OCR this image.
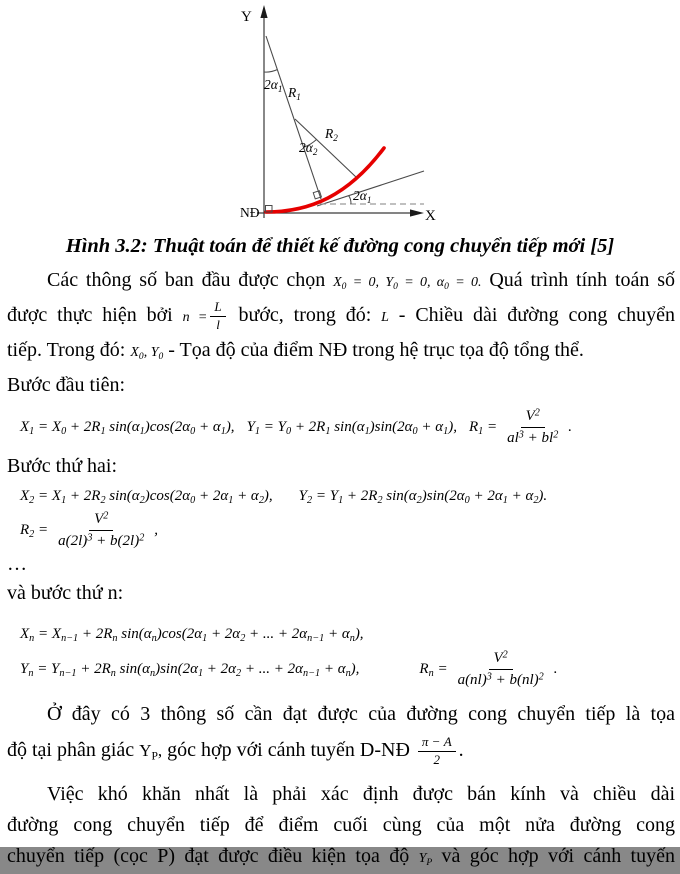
Y
X
NĐ
$2\alpha_1$ $R_1$
$R_2$
$2\alpha_2$
$2\alpha_1$
Hình 3.2: Thuật toán để thiết kế đường cong chuyển tiếp mới [5]
Các thông số ban đầu được chọn $X_0 = 0$, $Y_0 = 0$, $\alpha_0 = 0$. Quá trình tính toán số
được thực hiện bởi $n = \frac{L}{l}$ bước, trong đó: L - Chiều dài đường cong chuyển
tiếp. Trong đó: $X_0$, $Y_0$ - Tọa độ của điểm NĐ trong hệ trục tọa độ tổng thể.
Bước đầu tiên:
$X_1 = X_0 + 2R_1$ $\sin(\alpha_1)\cos(2\alpha_0 + \alpha_1)$, $Y_1 = Y_0 + 2R_1$ $\sin(\alpha_1)\sin(2\alpha_0 + \alpha_1)$, $R_1 = \frac{V^2}{al^3 + bl^2}$ .
Bước thứ hai:
$X_2 = X_1 + 2R_2$ $\sin(\alpha_2)\cos(2\alpha_0 + 2\alpha_1 + \alpha_2)$, $Y_2 = Y_1 + 2R_2$ $\sin(\alpha_2)\sin(2\alpha_0 + 2\alpha_1 + \alpha_2)$.
$R_2 = \frac{V^2}{a(2l)^3 + b(2l)^2}$ ,
…
và bước thứ n:
$X_n = X_{n-1} + 2R_n$ $\sin(\alpha_n)\cos(2\alpha_1 + 2\alpha_2$ + ... + $2\alpha_{n-1} + \alpha_n$),
$Y_n = Y_{n-1} + 2R_n$ $\sin(\alpha_n)\sin(2\alpha_1 + 2\alpha_2$ + ... + $2\alpha_{n-1} + \alpha_n$),	$R_n = \frac{V^2}{a(nl)^3 + b(nl)^2}$ .
Ở đây có 3 thông số cần đạt được của đường cong chuyển tiếp là tọa
độ tại phân giác $Y_P$, góc hợp với cánh tuyến D-NĐ $\frac{\pi - A}{2}$ .
Việc khó khăn nhất là phải xác định được bán kính và chiều dài
đường cong chuyển tiếp để điểm cuối cùng của một nửa đường cong
chuyển tiếp (cọc P) đạt được điều kiện tọa độ $Y_P$ và góc hợp với cánh tuyến
